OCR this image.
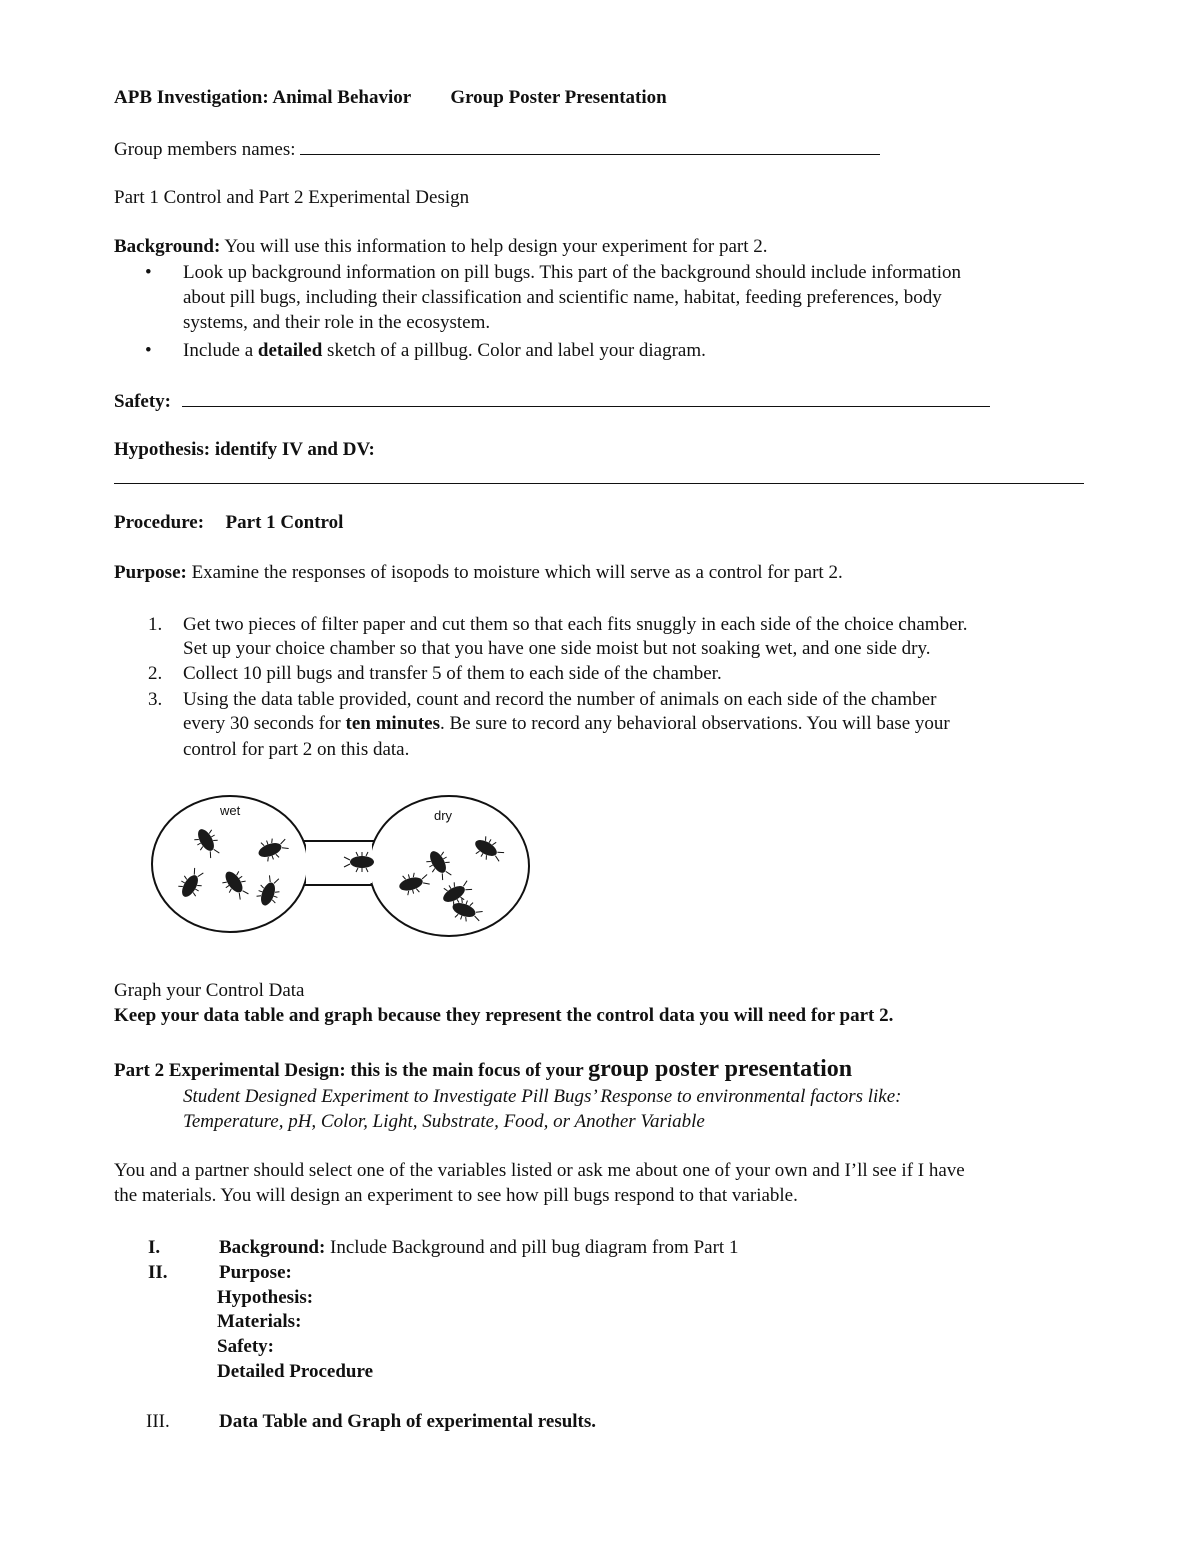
APB Investigation: Animal Behavior Group Poster Presentation
Group members names:
Part 1 Control and Part 2 Experimental Design
Background: You will use this information to help design your experiment for part 2.
• Look up background information on pill bugs. This part of the background should include information
about pill bugs, including their classification and scientific name, habitat, feeding preferences, body
systems, and their role in the ecosystem.
• Include a detailed sketch of a pillbug. Color and label your diagram.
Safety:
Hypothesis: identify IV and DV:
Procedure: Part 1 Control
Purpose: Examine the responses of isopods to moisture which will serve as a control for part 2.
1. Get two pieces of filter paper and cut them so that each fits snuggly in each side of the choice chamber.
Set up your choice chamber so that you have one side moist but not soaking wet, and one side dry.
2. Collect 10 pill bugs and transfer 5 of them to each side of the chamber.
3. Using the data table provided, count and record the number of animals on each side of the chamber
every 30 seconds for ten minutes. Be sure to record any behavioral observations. You will base your
control for part 2 on this data.
wet	dry
Graph your Control Data
Keep your data table and graph because they represent the control data you will need for part 2.
Part 2 Experimental Design: this is the main focus of your group poster presentation
Student Designed Experiment to Investigate Pill Bugs’ Response to environmental factors like:
Temperature, pH, Color, Light, Substrate, Food, or Another Variable
You and a partner should select one of the variables listed or ask me about one of your own and I’ll see if I have
the materials. You will design an experiment to see how pill bugs respond to that variable.
I.	Background: Include Background and pill bug diagram from Part 1
II.	Purpose:
Hypothesis:
Materials:
Safety:
Detailed Procedure
III.	Data Table and Graph of experimental results.
